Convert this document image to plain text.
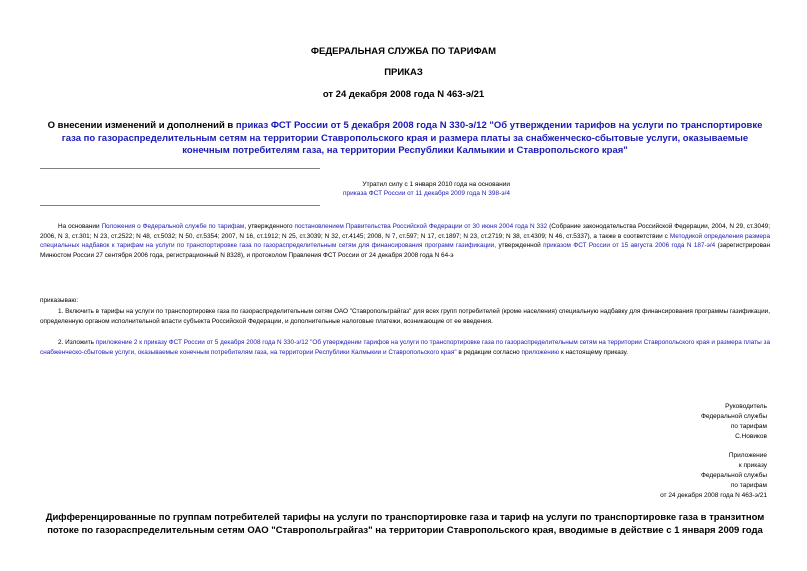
ФЕДЕРАЛЬНАЯ СЛУЖБА ПО ТАРИФАМ
ПРИКАЗ
от 24 декабря 2008 года N 463-э/21
О внесении изменений и дополнений в приказ ФСТ России от 5 декабря 2008 года N 330-э/12 "Об утверждении тарифов на услуги по транспортировке газа по газораспределительным сетям на территории Ставропольского края и размера платы за снабженческо-сбытовые услуги, оказываемые конечным потребителям газа, на территории Республики Калмыкии и Ставропольского края"
Утратил силу с 1 января 2010 года на основании
приказа ФСТ России от 11 декабря 2009 года N 398-э/4

На основании Положения о Федеральной службе по тарифам, утвержденного постановлением Правительства Российской Федерации от 30 июня 2004 года N 332 (Собрание законодательства Российской Федерации, 2004, N 29, ст.3049; 2006, N 3, ст.301; N 23, ст.2522; N 48, ст.5032; N 50, ст.5354; 2007, N 16, ст.1912; N 25, ст.3039; N 32, ст.4145; 2008, N 7, ст.597; N 17, ст.1897; N 23, ст.2719; N 38, ст.4309; N 46, ст.5337), а также в соответствии с Методикой определения размера специальных надбавок к тарифам на услуги по транспортировке газа по газораспределительным сетям для финансирования программ газификации, утвержденной приказом ФСТ России от 15 августа 2006 года N 187-э/4 (зарегистрирован Минюстом России 27 сентября 2006 года, регистрационный N 8328), и протоколом Правления ФСТ России от 24 декабря 2008 года N 64-э

приказываю:

1. Включить в тарифы на услуги по транспортировке газа по газораспределительным сетям ОАО "Ставропольграйгаз" для всех групп потребителей (кроме населения) специальную надбавку для финансирования программы газификации, определенную органом исполнительной власти субъекта Российской Федерации, и дополнительные налоговые платежи, возникающие от ее введения.

2. Изложить приложение 2 к приказу ФСТ России от 5 декабря 2008 года N 330-э/12 "Об утверждении тарифов на услуги по транспортировке газа по газораспределительным сетям на территории Ставропольского края и размера платы за снабженческо-сбытовые услуги, оказываемые конечным потребителям газа, на территории Республики Калмыкии и Ставропольского края" в редакции согласно приложению к настоящему приказу.

Руководитель
Федеральной службы
по тарифам
С.Новиков
Приложение
к приказу
Федеральной службы
по тарифам
от 24 декабря 2008 года N 463-э/21
Дифференцированные по группам потребителей тарифы на услуги по транспортировке газа и тариф на услуги по транспортировке газа в транзитном потоке по газораспределительным сетям ОАО "Ставропольграйгаз" на территории Ставропольского края, вводимые в действие с 1 января 2009 года
